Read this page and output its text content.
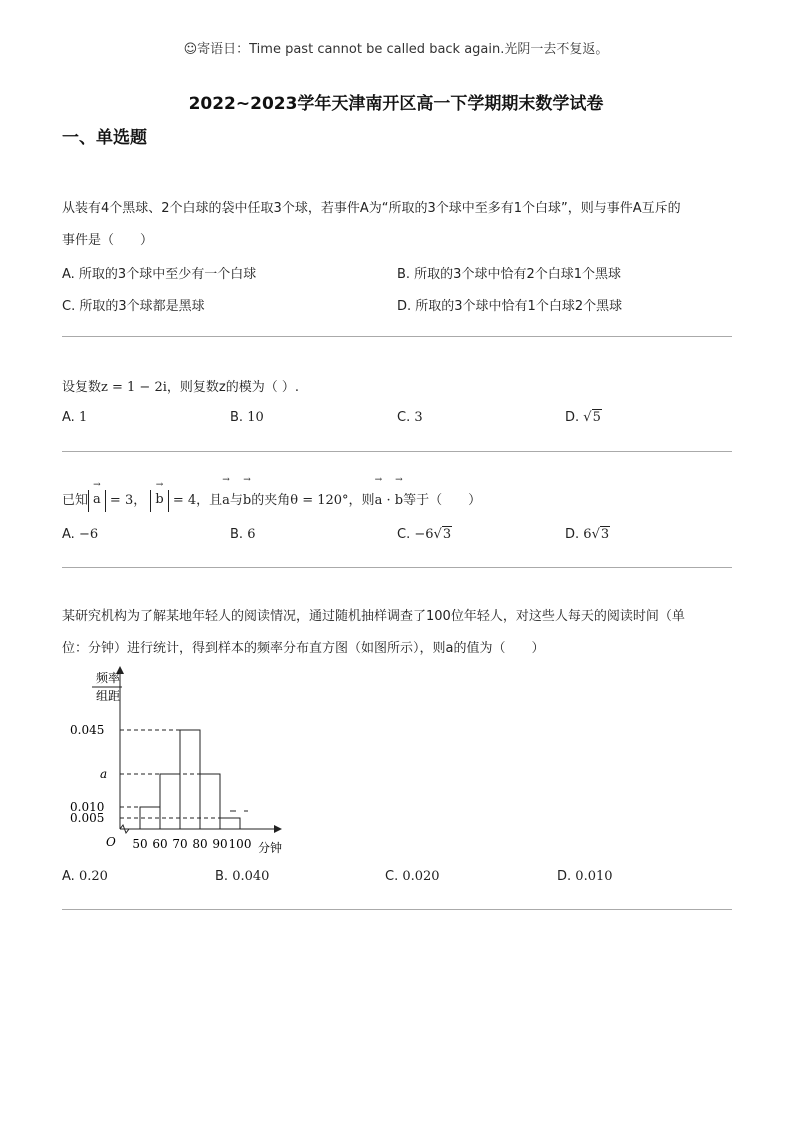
☺寄语日：Time past cannot be called back again.光阴一去不复返。
2022~2023学年天津南开区高一下学期期末数学试卷
一、单选题
从装有4个黑球、2个白球的袋中任取3个球，若事件A为“所取的3个球中至多有1个白球”，则与事件A互斥的
事件是（　　）
A. 所取的3个球中至少有一个白球	B. 所取的3个球中恰有2个白球1个黑球
C. 所取的3个球都是黑球	D. 所取的3个球中恰有1个白球2个黑球
设复数z = 1 − 2i，则复数z的模为（ ）.
A. 1	B. 10	C. 3	D. √5
已知 → a = 3， → b = 4，且→ a与→ b的夹角θ = 120°，则→ a · → b等于（　　）
A. −6	B. 6	C. −6√3	D. 6√3
某研究机构为了解某地年轻人的阅读情况，通过随机抽样调查了100位年轻人，对这些人每天的阅读时间（单
位：分钟）进行统计，得到样本的频率分布直方图（如图所示），则a的值为（　　）
频率
组距
O 50 60 70 80 90 100 分钟
0.045
a
0.010
0.005
A. 0.20	B. 0.040	C. 0.020	D. 0.010
